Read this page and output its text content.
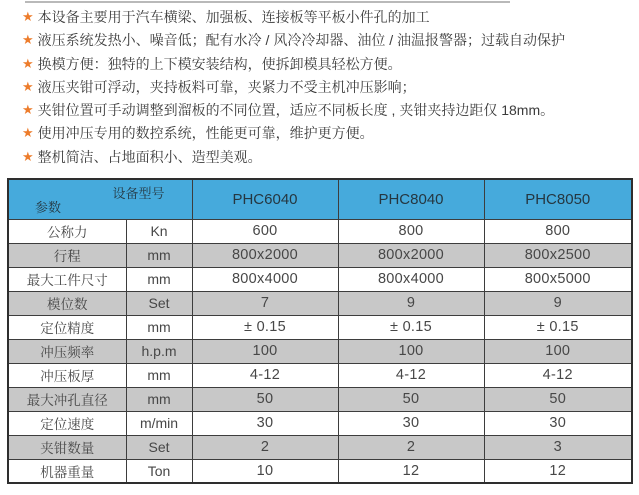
★ 本设备主要用于汽车横梁、加强板、连接板等平板小件孔的加工
★ 液压系统发热小、噪音低；配有水冷 / 风冷冷却器、油位 / 油温报警器；过载自动保护
★ 换模方便：独特的上下模安装结构，使拆卸模具轻松方便。
★ 液压夹钳可浮动，夹持板料可靠，夹紧力不受主机冲压影响；
★ 夹钳位置可手动调整到溜板的不同位置，适应不同板长度 , 夹钳夹持边距仅 18mm。
★ 使用冲压专用的数控系统，性能更可靠，维护更方便。
★ 整机简洁、占地面积小、造型美观。
设备型号
参数		PHC6040	PHC8040	PHC8050
公称力	Kn	600	800	800
行程	mm	800x2000	800x2000	800x2500
最大工件尺寸	mm	800x4000	800x4000	800x5000
模位数	Set	7	9	9
定位精度	mm	± 0.15	± 0.15	± 0.15
冲压频率	h.p.m	100	100	100
冲压板厚	mm	4-12	4-12	4-12
最大冲孔直径	mm	50	50	50
定位速度	m/min	30	30	30
夹钳数量	Set	2	2	3
机器重量	Ton	10	12	12
